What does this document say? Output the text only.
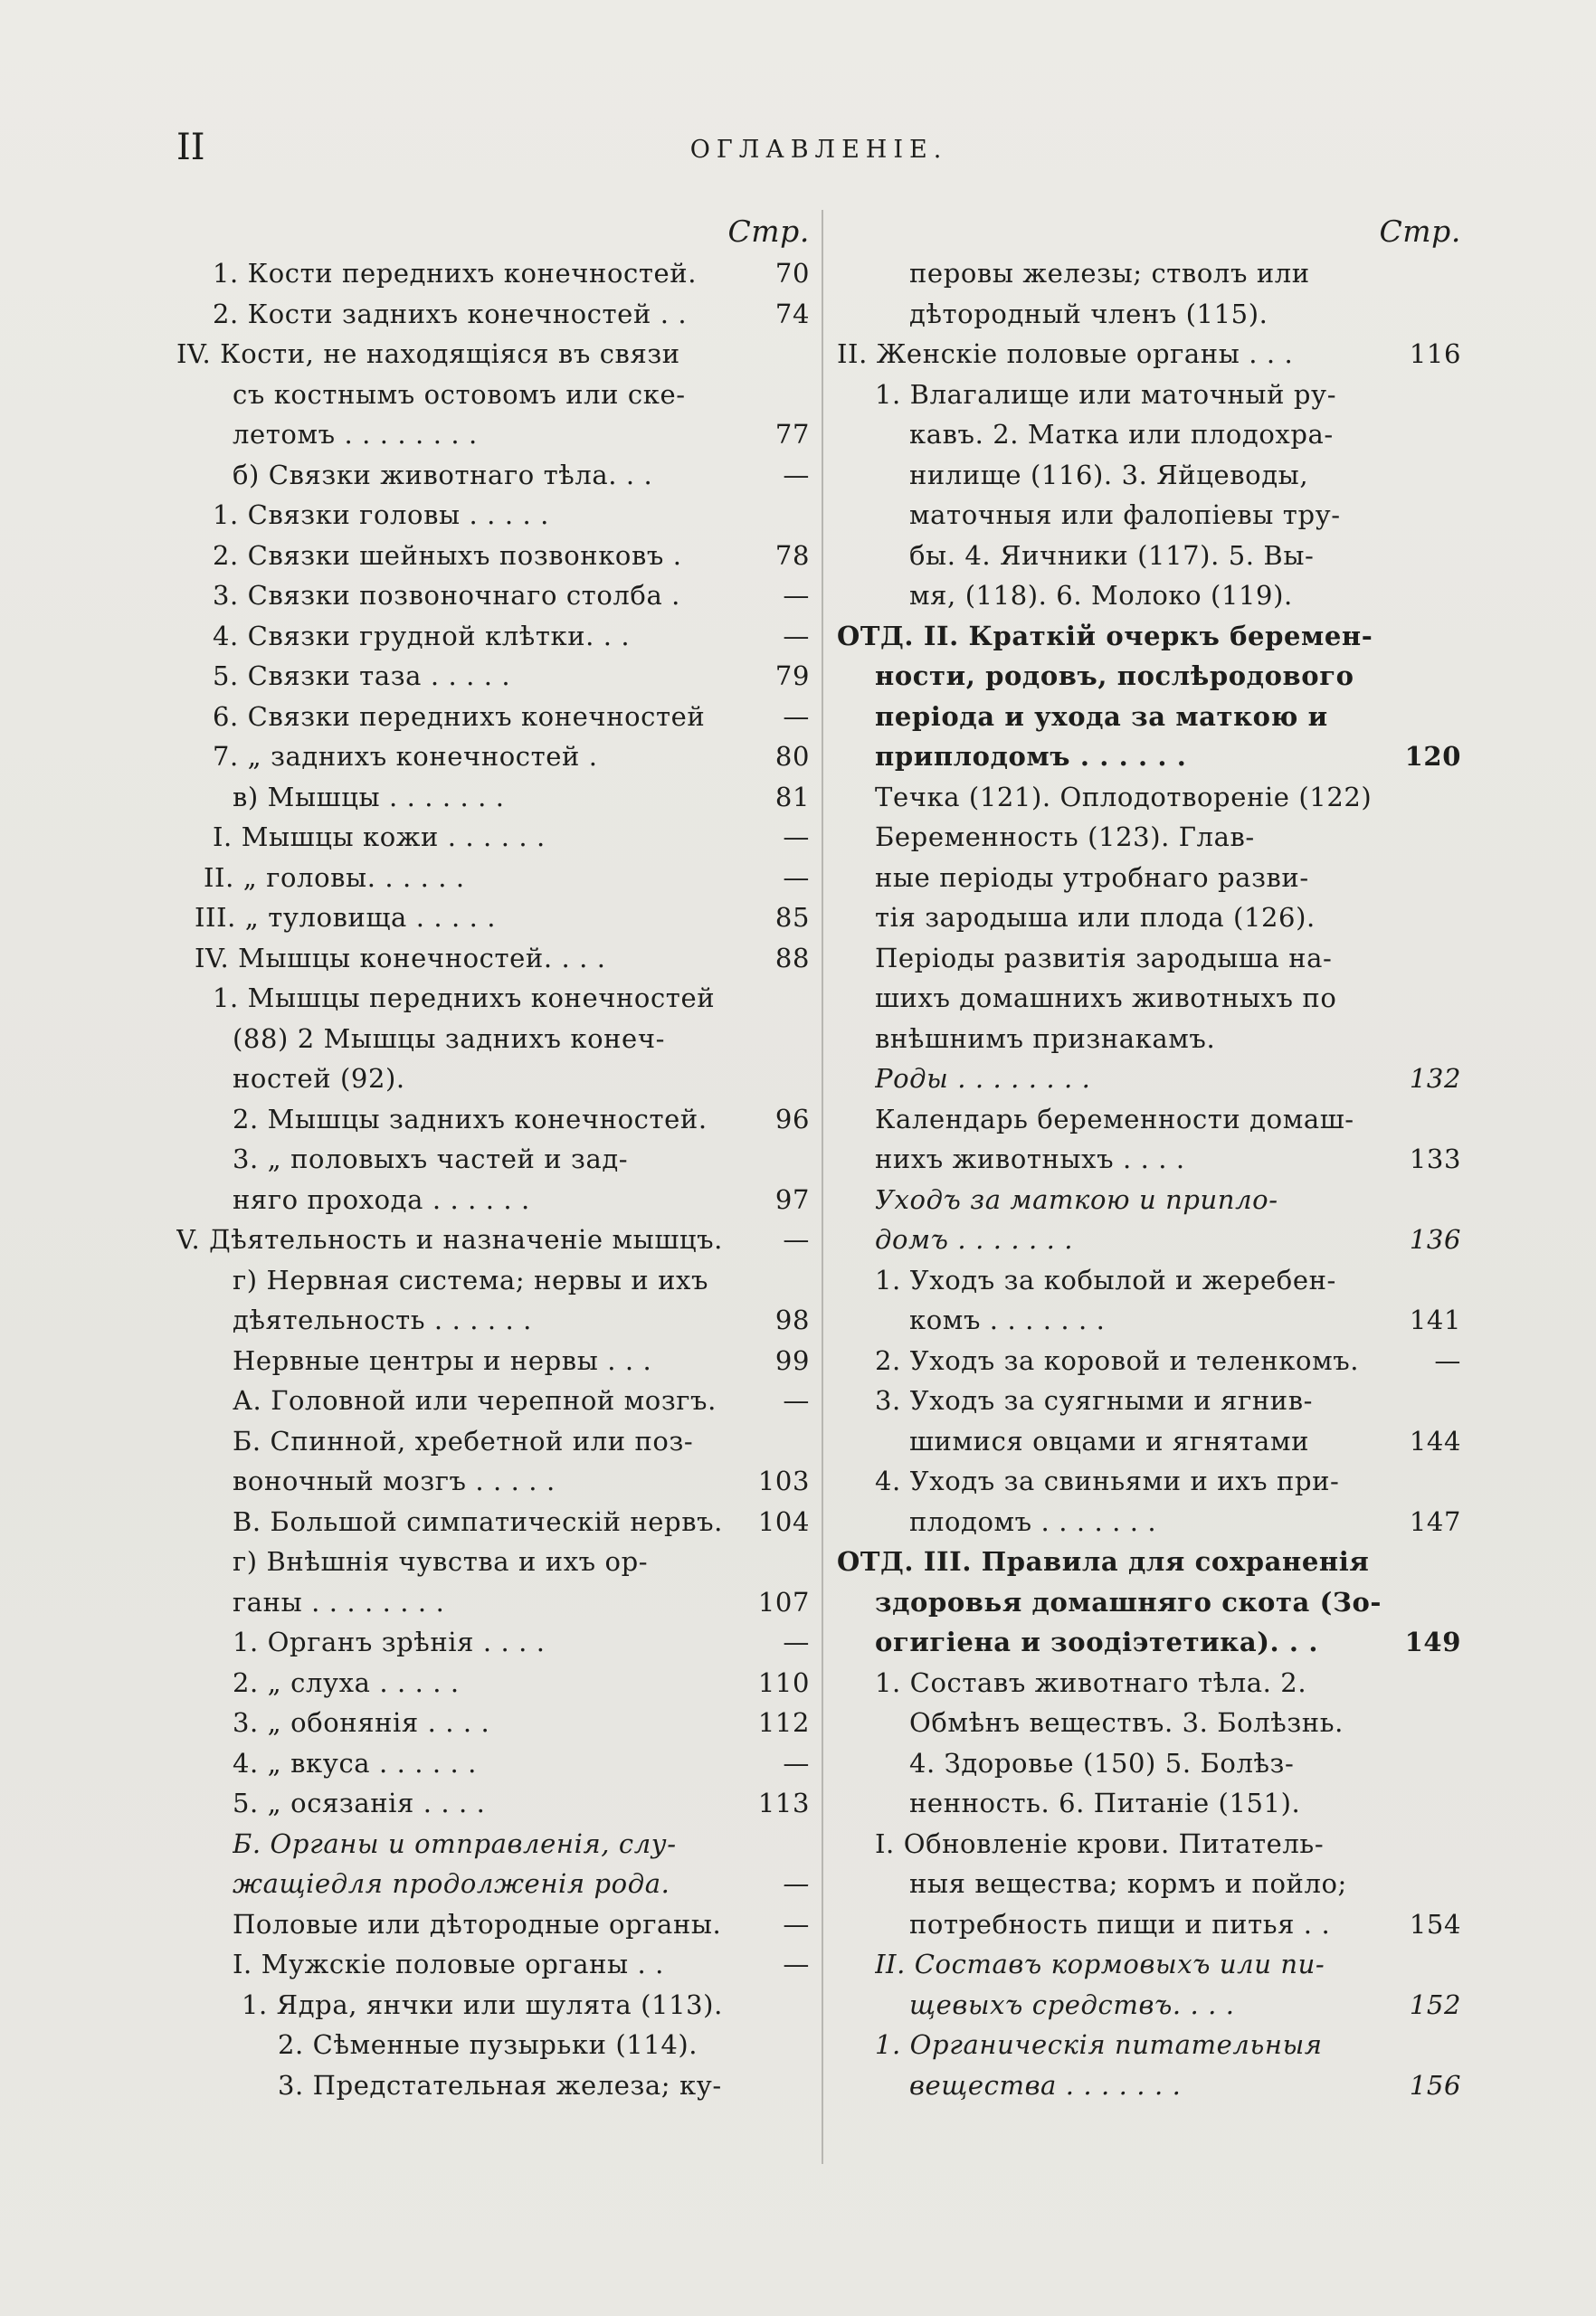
II	ОГЛАВЛЕНІЕ.
Стр.
1. Кости переднихъ конечностей.	70
2. Кости заднихъ конечностей . .	74
IV. Кости, не находящіяся въ связи
съ костнымъ остовомъ или ске-
летомъ . . . . . . . .	77
б) Связки животнаго тѣла. . .	—
1. Связки головы . . . . .
2. Связки шейныхъ позвонковъ .	78
3. Связки позвоночнаго столба .	—
4. Связки грудной клѣтки. . .	—
5. Связки таза . . . . .	79
6. Связки переднихъ конечностей	—
7. „ заднихъ конечностей .	80
в) Мышцы . . . . . . .	81
I. Мышцы кожи . . . . . .	—
II. „ головы. . . . . .	—
III. „ туловища . . . . .	85
IV. Мышцы конечностей. . . .	88
1. Мышцы переднихъ конечностей
(88) 2 Мышцы заднихъ конеч-
ностей (92).
2. Мышцы заднихъ конечностей.	96
3. „ половыхъ частей и зад-
няго прохода . . . . . .	97
V. Дѣятельность и назначеніе мышцъ.	—
г) Нервная система; нервы и ихъ
дѣятельность . . . . . .	98
Нервные центры и нервы . . .	99
А. Головной или черепной мозгъ.	—
Б. Спинной, хребетной или поз-
воночный мозгъ . . . . .	103
В. Большой симпатическій нервъ.	104
г) Внѣшнія чувства и ихъ ор-
ганы . . . . . . . .	107
1. Органъ зрѣнія . . . .	—
2. „ слуха . . . . .	110
3. „ обонянія . . . .	112
4. „ вкуса . . . . . .	—
5. „ осязанія . . . .	113
Б. Органы и отправленія, слу-
жащіедля продолженія рода.	—
Половые или дѣтородные органы.	—
I. Мужскіе половые органы . .	—
1. Ядра, янчки или шулята (113).
2. Сѣменные пузырьки (114).
3. Предстательная железа; ку-
Стр.
перовы железы; стволъ или
дѣтородный членъ (115).
II. Женскіе половые органы . . .	116
1. Влагалище или маточный ру-
кавъ. 2. Матка или плодохра-
нилище (116). 3. Яйцеводы,
маточныя или фалопіевы тру-
бы. 4. Яичники (117). 5. Вы-
мя, (118). 6. Молоко (119).
ОТД. II. Краткій очеркъ беремен-
ности, родовъ, послѣродового
періода и ухода за маткою и
приплодомъ . . . . . .	120
Течка (121). Оплодотвореніе (122)
Беременность (123). Глав-
ные періоды утробнаго разви-
тія зародыша или плода (126).
Періоды развитія зародыша на-
шихъ домашнихъ животныхъ по
внѣшнимъ признакамъ.
Роды . . . . . . . .	132
Календарь беременности домаш-
нихъ животныхъ . . . .	133
Уходъ за маткою и припло-
домъ . . . . . . .	136
1. Уходъ за кобылой и жеребен-
комъ . . . . . . .	141
2. Уходъ за коровой и теленкомъ.	—
3. Уходъ за суягными и ягнив-
шимися овцами и ягнятами	144
4. Уходъ за свиньями и ихъ при-
плодомъ . . . . . . .	147
ОТД. III. Правила для сохраненія
здоровья домашняго скота (Зо-
огигіена и зоодіэтетика). . .	149
1. Составъ животнаго тѣла. 2.
Обмѣнъ веществъ. 3. Болѣзнь.
4. Здоровье (150) 5. Болѣз-
ненность. 6. Питаніе (151).
I. Обновленіе крови. Питатель-
ныя вещества; кормъ и пойло;
потребность пищи и питья . .	154
II. Составъ кормовыхъ или пи-
щевыхъ средствъ. . . .	152
1. Органическія питательныя
вещества . . . . . . .	156
